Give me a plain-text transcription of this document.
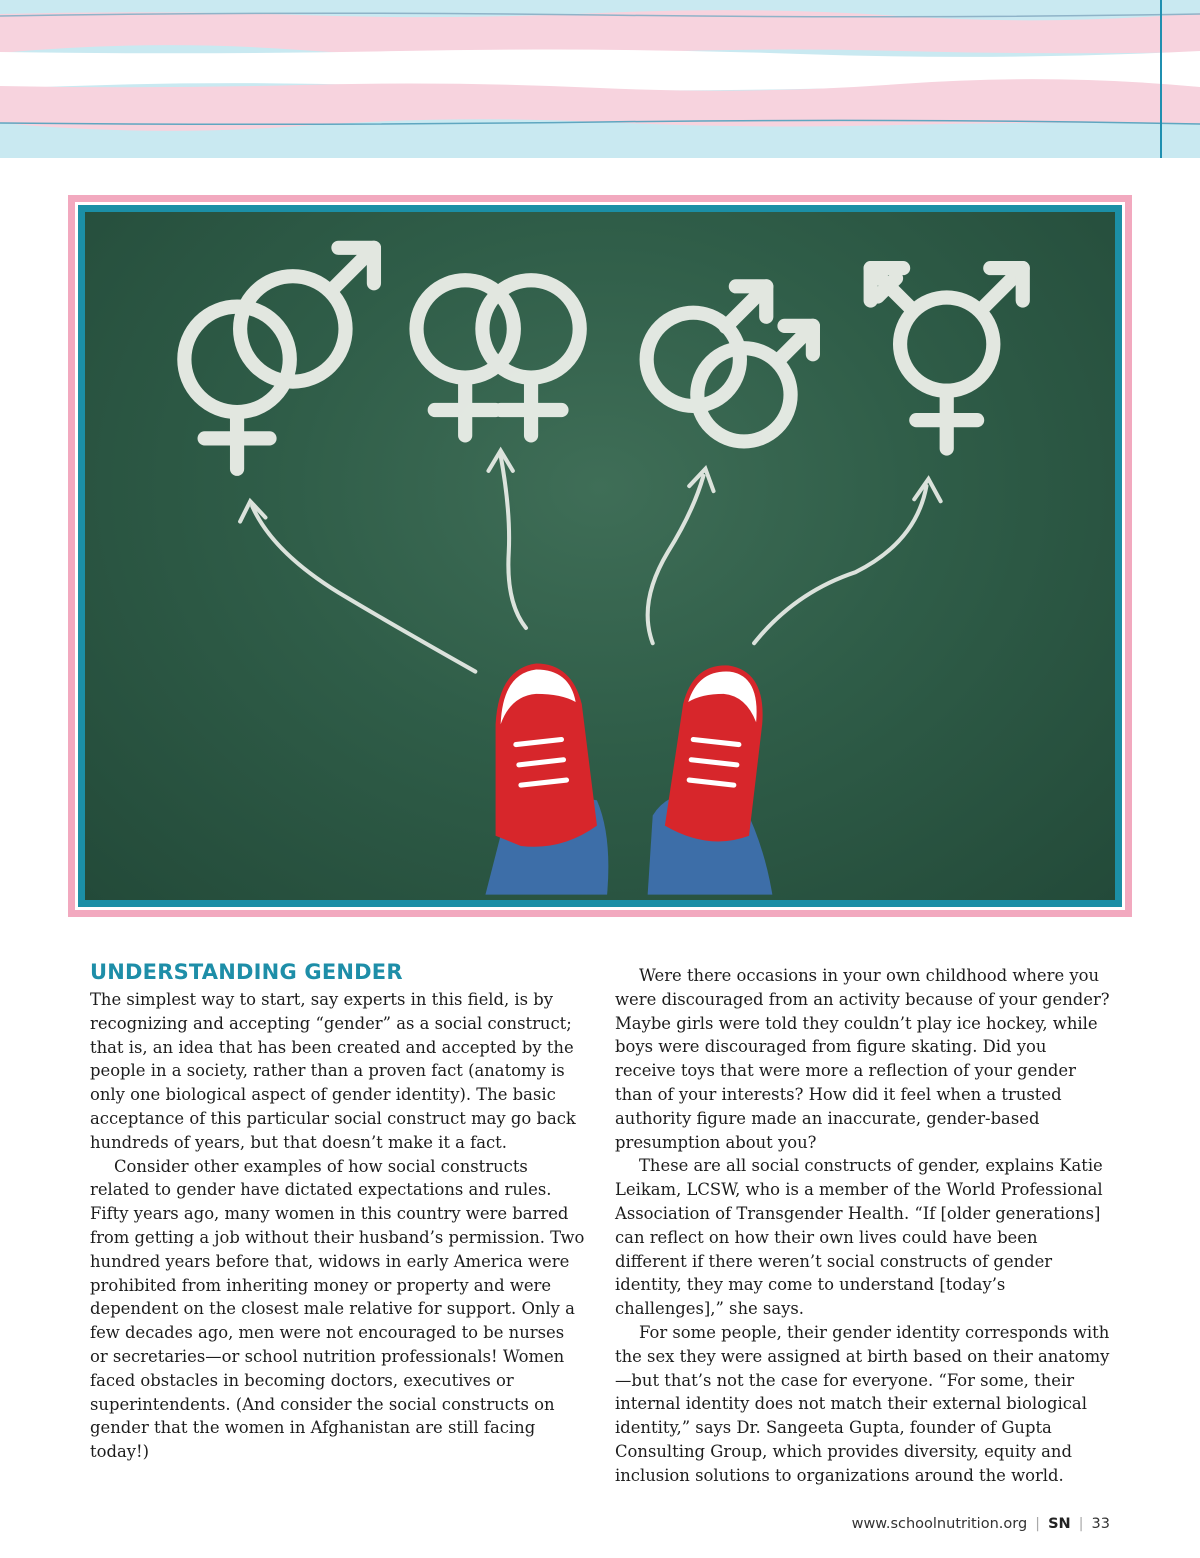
UNDERSTANDING GENDER

The simplest way to start, say experts in this field, is by recognizing and accepting “gender” as a social construct; that is, an idea that has been created and accepted by the people in a society, rather than a proven fact (anatomy is only one biological aspect of gender identity). The basic acceptance of this particular social construct may go back hundreds of years, but that doesn’t make it a fact.

Consider other examples of how social constructs related to gender have dictated expectations and rules. Fifty years ago, many women in this country were barred from getting a job without their husband’s permission. Two hundred years before that, widows in early America were prohibited from inheriting money or property and were dependent on the closest male relative for support. Only a few decades ago, men were not encouraged to be nurses or secretaries—or school nutrition professionals! Women faced obstacles in becoming doctors, executives or superintendents. (And consider the social constructs on gender that the women in Afghanistan are still facing today!)

Were there occasions in your own childhood where you were discouraged from an activity because of your gender? Maybe girls were told they couldn’t play ice hockey, while boys were discouraged from figure skating. Did you receive toys that were more a reflection of your gender than of your interests? How did it feel when a trusted authority figure made an inaccurate, gender-based presumption about you?

These are all social constructs of gender, explains Katie Leikam, LCSW, who is a member of the World Professional Association of Transgender Health. “If [older generations] can reflect on how their own lives could have been different if there weren’t social constructs of gender identity, they may come to understand [today’s challenges],” she says.

For some people, their gender identity corresponds with the sex they were assigned at birth based on their anatomy—but that’s not the case for everyone. “For some, their internal identity does not match their external biological identity,” says Dr. Sangeeta Gupta, founder of Gupta Consulting Group, which provides diversity, equity and inclusion solutions to organizations around the world.

www.schoolnutrition.org | SN | 33
